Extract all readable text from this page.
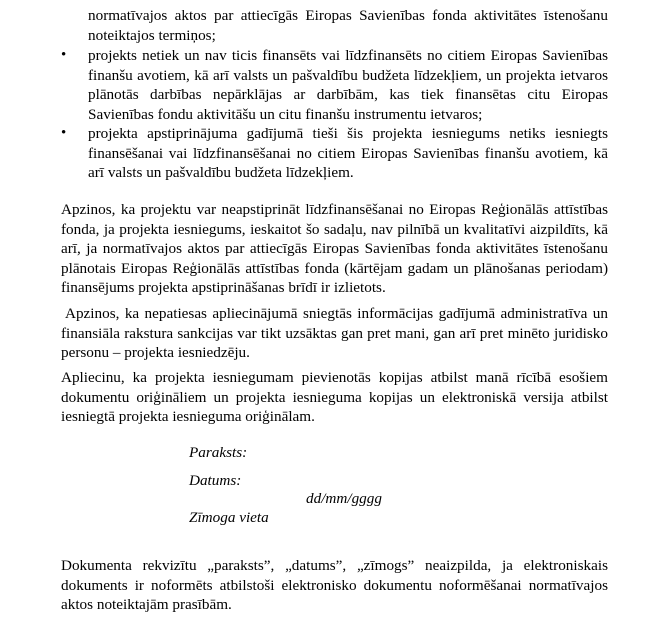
normatīvajos aktos par attiecīgās Eiropas Savienības fonda aktivitātes īstenošanu noteiktajos termiņos;
•	projekts netiek un nav ticis finansēts vai līdzfinansēts no citiem Eiropas Savienības finanšu avotiem, kā arī valsts un pašvaldību budžeta līdzekļiem, un projekta ietvaros plānotās darbības nepārklājas ar darbībām, kas tiek finansētas citu Eiropas Savienības fondu aktivitāšu un citu finanšu instrumentu ietvaros;
•	projekta apstiprinājuma gadījumā tieši šis projekta iesniegums netiks iesniegts finansēšanai vai līdzfinansēšanai no citiem Eiropas Savienības finanšu avotiem, kā arī valsts un pašvaldību budžeta līdzekļiem.
Apzinos, ka projektu var neapstiprināt līdzfinansēšanai no Eiropas Reģionālās attīstības fonda, ja projekta iesniegums, ieskaitot šo sadaļu, nav pilnībā un kvalitatīvi aizpildīts, kā arī, ja normatīvajos aktos par attiecīgās Eiropas Savienības fonda aktivitātes īstenošanu plānotais Eiropas Reģionālās attīstības fonda (kārtējam gadam un plānošanas periodam) finansējums projekta apstiprināšanas brīdī ir izlietots.
Apzinos, ka nepatiesas apliecinājumā sniegtās informācijas gadījumā administratīva un finansiāla rakstura sankcijas var tikt uzsāktas gan pret mani, gan arī pret minēto juridisko personu – projekta iesniedzēju.
Apliecinu, ka projekta iesniegumam pievienotās kopijas atbilst manā rīcībā esošiem dokumentu oriģināliem un projekta iesnieguma kopijas un elektroniskā versija atbilst iesniegtā projekta iesnieguma oriģinālam.
Paraksts:
Datums:
dd/mm/gggg
Zīmoga vieta
Dokumenta rekvizītu „paraksts”, „datums”, „zīmogs” neaizpilda, ja elektroniskais dokuments ir noformēts atbilstoši elektronisko dokumentu noformēšanai normatīvajos aktos noteiktajām prasībām.
